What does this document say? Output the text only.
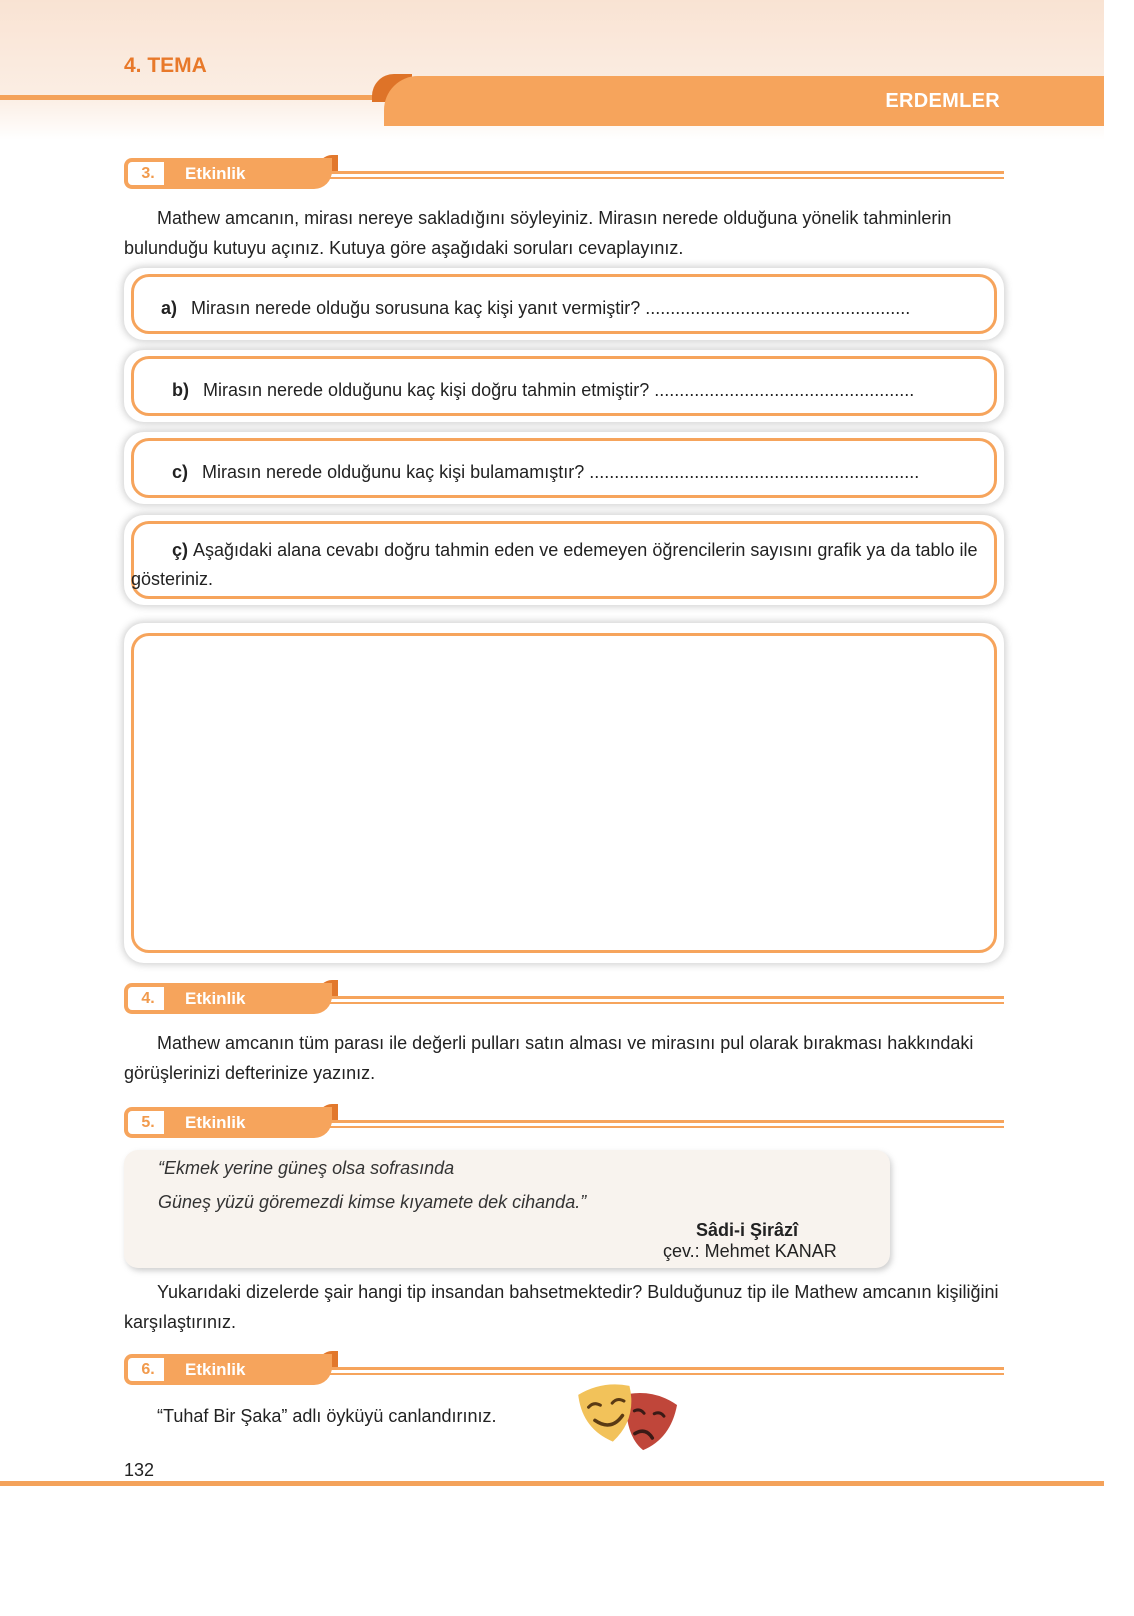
4. TEMA
ERDEMLER
3.	Etkinlik
Mathew amcanın, mirası nereye sakladığını söyleyiniz. Mirasın nerede olduğuna yönelik tahminlerin bulunduğu kutuyu açınız. Kutuya göre aşağıdaki soruları cevaplayınız.
a) Mirasın nerede olduğu sorusuna kaç kişi yanıt vermiştir? .....................................................
b) Mirasın nerede olduğunu kaç kişi doğru tahmin etmiştir? ....................................................
c) Mirasın nerede olduğunu kaç kişi bulamamıştır? ..................................................................
ç) Aşağıdaki alana cevabı doğru tahmin eden ve edemeyen öğrencilerin sayısını grafik ya da tablo ile gösteriniz.
4.	Etkinlik
Mathew amcanın tüm parası ile değerli pulları satın alması ve mirasını pul olarak bırakması hakkındaki görüşlerinizi defterinize yazınız.
5.	Etkinlik
“Ekmek yerine güneş olsa sofrasında
Güneş yüzü göremezdi kimse kıyamete dek cihanda.”
Sâdi-i Şirâzî
çev.: Mehmet KANAR
Yukarıdaki dizelerde şair hangi tip insandan bahsetmektedir? Bulduğunuz tip ile Mathew amcanın kişiliğini karşılaştırınız.
6.	Etkinlik
“Tuhaf Bir Şaka” adlı öyküyü canlandırınız.
132
